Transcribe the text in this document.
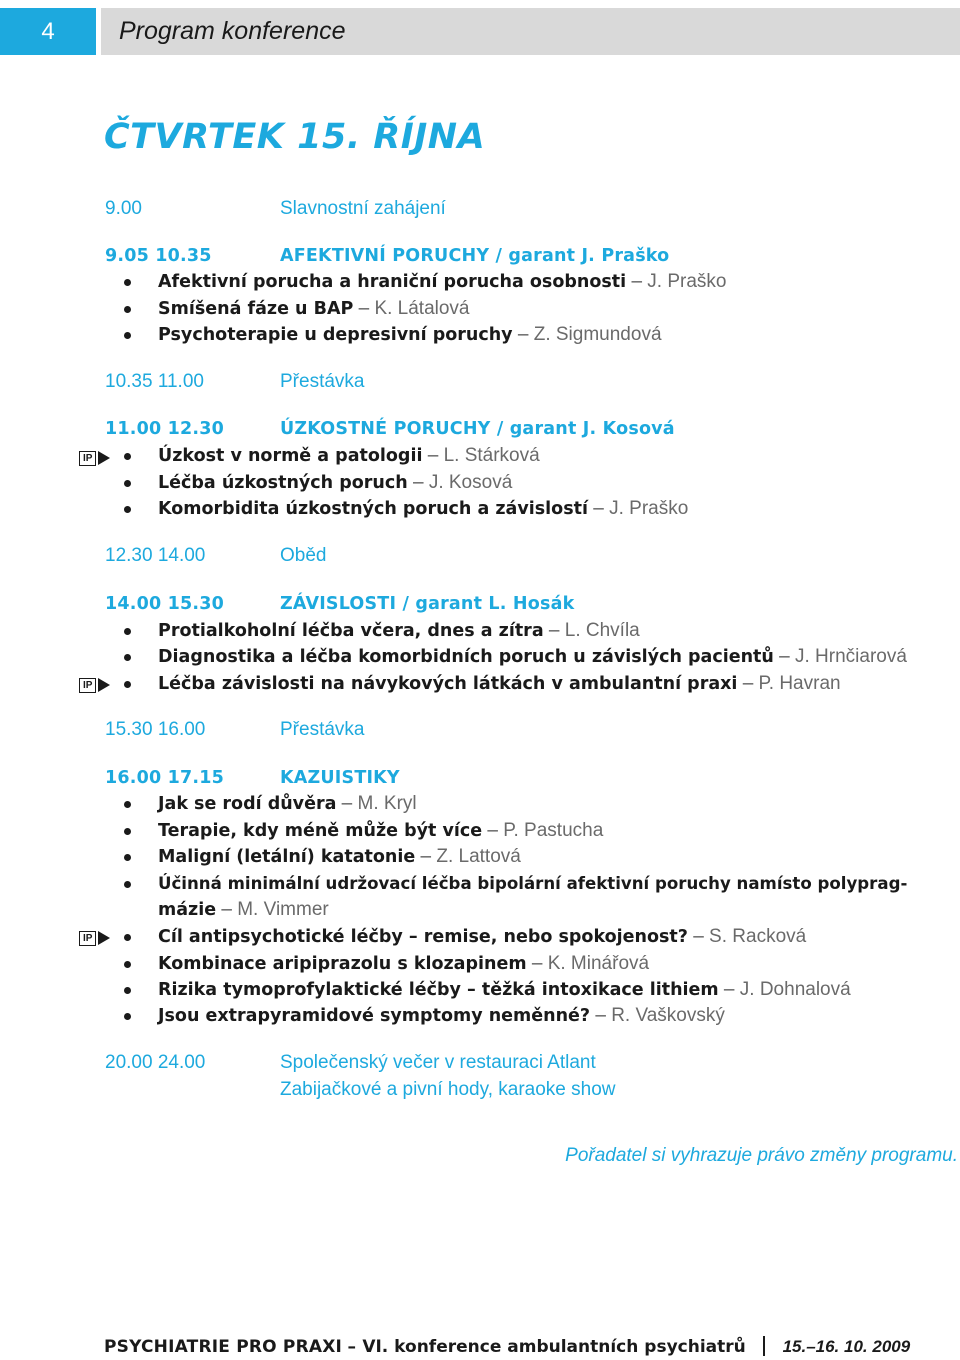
4	Program konference
ČTVRTEK 15. ŘÍJNA
9.00	Slavnostní zahájení
9.05 10.35	AFEKTIVNÍ PORUCHY / garant J. Praško
Afektivní porucha a hraniční porucha osobnosti – J. Praško
Smíšená fáze u BAP – K. Látalová
Psychoterapie u depresivní poruchy – Z. Sigmundová
10.35 11.00	Přestávka
11.00 12.30	ÚZKOSTNÉ PORUCHY / garant J. Kosová
IP	Úzkost v normě a patologii – L. Stárková
Léčba úzkostných poruch – J. Kosová
Komorbidita úzkostných poruch a závislostí – J. Praško
12.30 14.00	Oběd
14.00 15.30	ZÁVISLOSTI / garant L. Hosák
Protialkoholní léčba včera, dnes a zítra – L. Chvíla
Diagnostika a léčba komorbidních poruch u závislých pacientů – J. Hrnčiarová
IP	Léčba závislosti na návykových látkách v ambulantní praxi – P. Havran
15.30 16.00	Přestávka
16.00 17.15	KAZUISTIKY
Jak se rodí důvěra – M. Kryl
Terapie, kdy méně může být více – P. Pastucha
Maligní (letální) katatonie – Z. Lattová
Účinná minimální udržovací léčba bipolární afektivní poruchy namísto polyprag-
mázie – M. Vimmer
IP	Cíl antipsychotické léčby – remise, nebo spokojenost? – S. Racková
Kombinace aripiprazolu s klozapinem – K. Minářová
Rizika tymoprofylaktické léčby – těžká intoxikace lithiem – J. Dohnalová
Jsou extrapyramidové symptomy neměnné? – R. Vaškovský
20.00 24.00	Společenský večer v restauraci Atlant
Zabijačkové a pivní hody, karaoke show
Pořadatel si vyhrazuje právo změny programu.
PSYCHIATRIE PRO PRAXI – VI. konference ambulantních psychiatrů 15.–16. 10. 2009
